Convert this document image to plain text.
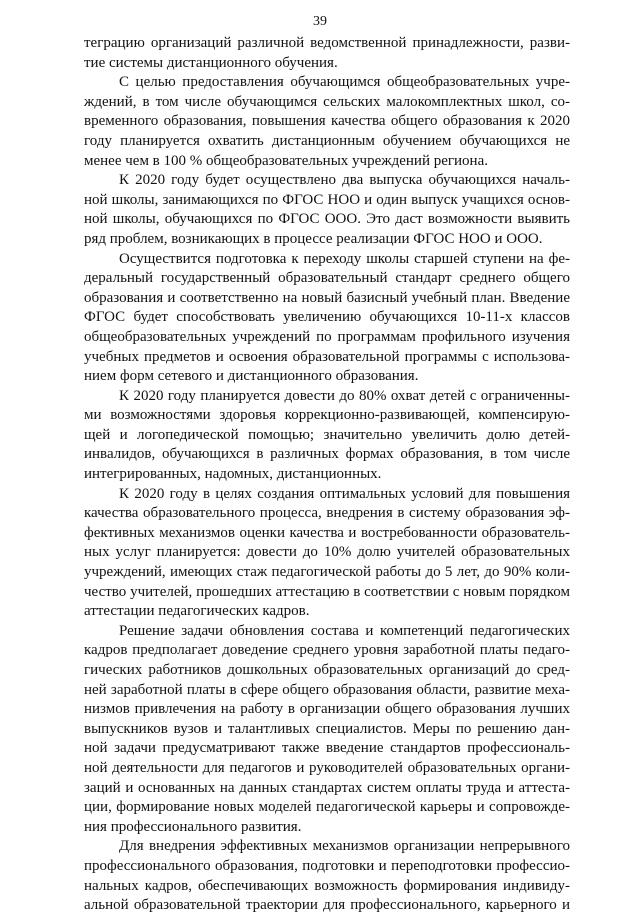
39
теграцию организаций различной ведомственной принадлежности, разви-
тие системы дистанционного обучения.
С целью предоставления обучающимся общеобразовательных учре-
ждений, в том числе обучающимся сельских малокомплектных школ, со-
временного образования, повышения качества общего образования к 2020
году планируется охватить дистанционным обучением обучающихся не
менее чем в 100 % общеобразовательных учреждений региона.
К 2020 году будет осуществлено два выпуска обучающихся началь-
ной школы, занимающихся по ФГОС НОО и один выпуск учащихся основ-
ной школы, обучающихся по ФГОС ООО. Это даст возможности выявить
ряд проблем, возникающих в процессе реализации ФГОС НОО и ООО.
Осуществится подготовка к переходу школы старшей ступени на фе-
деральный государственный образовательный стандарт среднего общего
образования и соответственно на новый базисный учебный план. Введение
ФГОС будет способствовать увеличению обучающихся 10-11-х классов
общеобразовательных учреждений по программам профильного изучения
учебных предметов и освоения образовательной программы с использова-
нием форм сетевого и дистанционного образования.
К 2020 году планируется довести до 80% охват детей с ограниченны-
ми возможностями здоровья коррекционно-развивающей, компенсирую-
щей и логопедической помощью; значительно увеличить долю детей-
инвалидов, обучающихся в различных формах образования, в том числе
интегрированных, надомных, дистанционных.
К 2020 году в целях создания оптимальных условий для повышения
качества образовательного процесса, внедрения в систему образования эф-
фективных механизмов оценки качества и востребованности образователь-
ных услуг планируется: довести до 10% долю учителей образовательных
учреждений, имеющих стаж педагогической работы до 5 лет, до 90% коли-
чество учителей, прошедших аттестацию в соответствии с новым порядком
аттестации педагогических кадров.
Решение задачи обновления состава и компетенций педагогических
кадров предполагает доведение среднего уровня заработной платы педаго-
гических работников дошкольных образовательных организаций до сред-
ней заработной платы в сфере общего образования области, развитие меха-
низмов привлечения на работу в организации общего образования лучших
выпускников вузов и талантливых специалистов. Меры по решению дан-
ной задачи предусматривают также введение стандартов профессиональ-
ной деятельности для педагогов и руководителей образовательных органи-
заций и основанных на данных стандартах систем оплаты труда и аттеста-
ции, формирование новых моделей педагогической карьеры и сопровожде-
ния профессионального развития.
Для внедрения эффективных механизмов организации непрерывного
профессионального образования, подготовки и переподготовки профессио-
нальных кадров, обеспечивающих возможность формирования индивиду-
альной образовательной траектории для профессионального, карьерного и
